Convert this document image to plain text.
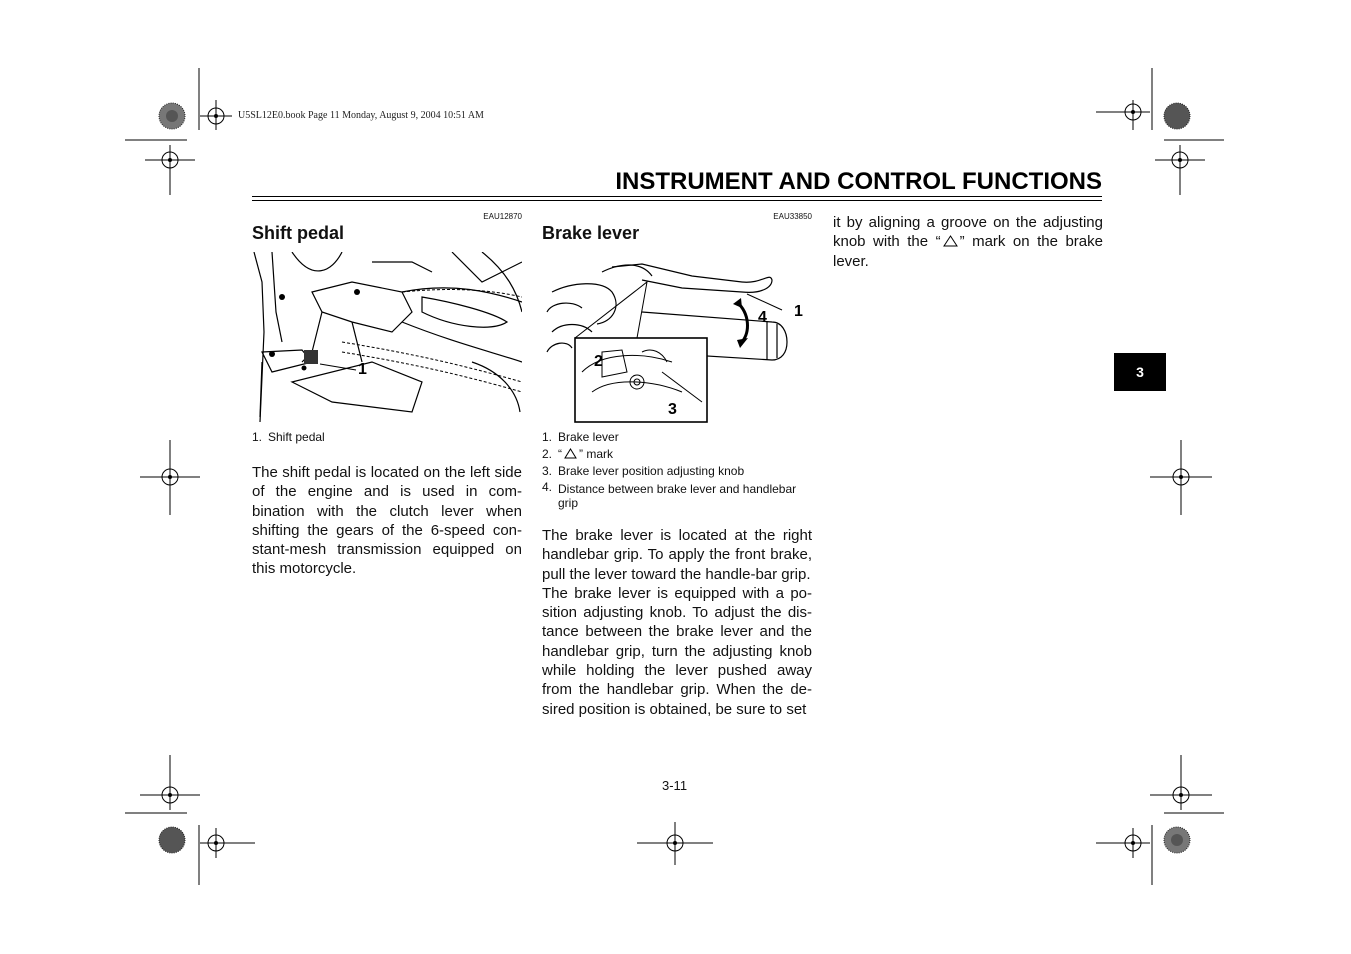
U5SL12E0.book Page 11 Monday, August 9, 2004 10:51 AM
INSTRUMENT AND CONTROL FUNCTIONS
EAU12870
Shift pedal
1
1. Shift pedal

The shift pedal is located on the left side of the engine and is used in com-bination with the clutch lever when shifting the gears of the 6-speed con-stant-mesh transmission equipped on this motorcycle.

EAU33850
Brake lever
1
2
3
4
1. Brake lever
2. “ ” mark
3. Brake lever position adjusting knob
4. Distance between brake lever and handlebar grip

The brake lever is located at the right handlebar grip. To apply the front brake, pull the lever toward the handle-bar grip.

The brake lever is equipped with a po-sition adjusting knob. To adjust the dis-tance between the brake lever and the handlebar grip, turn the adjusting knob while holding the lever pushed away from the handlebar grip. When the de-sired position is obtained, be sure to set

it by aligning a groove on the adjusting knob with the “ ” mark on the brake lever.

3
3-11
